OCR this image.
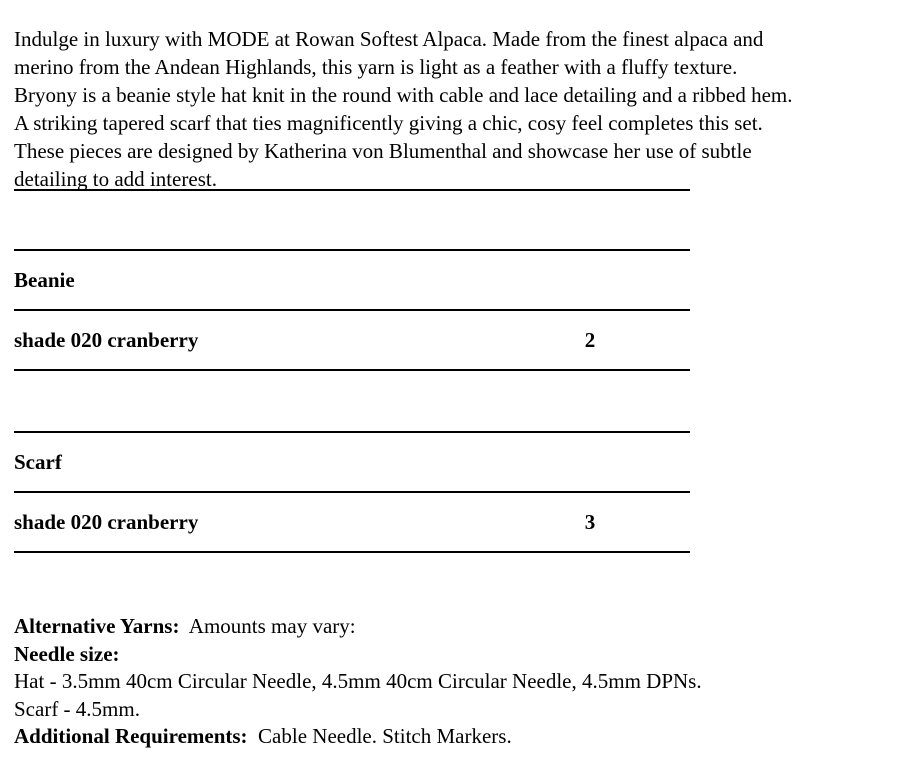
Indulge in luxury with MODE at Rowan Softest Alpaca. Made from the finest alpaca and
merino from the Andean Highlands, this yarn is light as a feather with a fluffy texture.
Bryony is a beanie style hat knit in the round with cable and lace detailing and a ribbed hem.
A striking tapered scarf that ties magnificently giving a chic, cosy feel completes this set.
These pieces are designed by Katherina von Blumenthal and showcase her use of subtle
detailing to add interest.
Beanie
shade 020 cranberry	2
Scarf
shade 020 cranberry	3
Alternative Yarns: Amounts may vary:
Needle size:
Hat - 3.5mm 40cm Circular Needle, 4.5mm 40cm Circular Needle, 4.5mm DPNs.
Scarf - 4.5mm.
Additional Requirements: Cable Needle. Stitch Markers.
